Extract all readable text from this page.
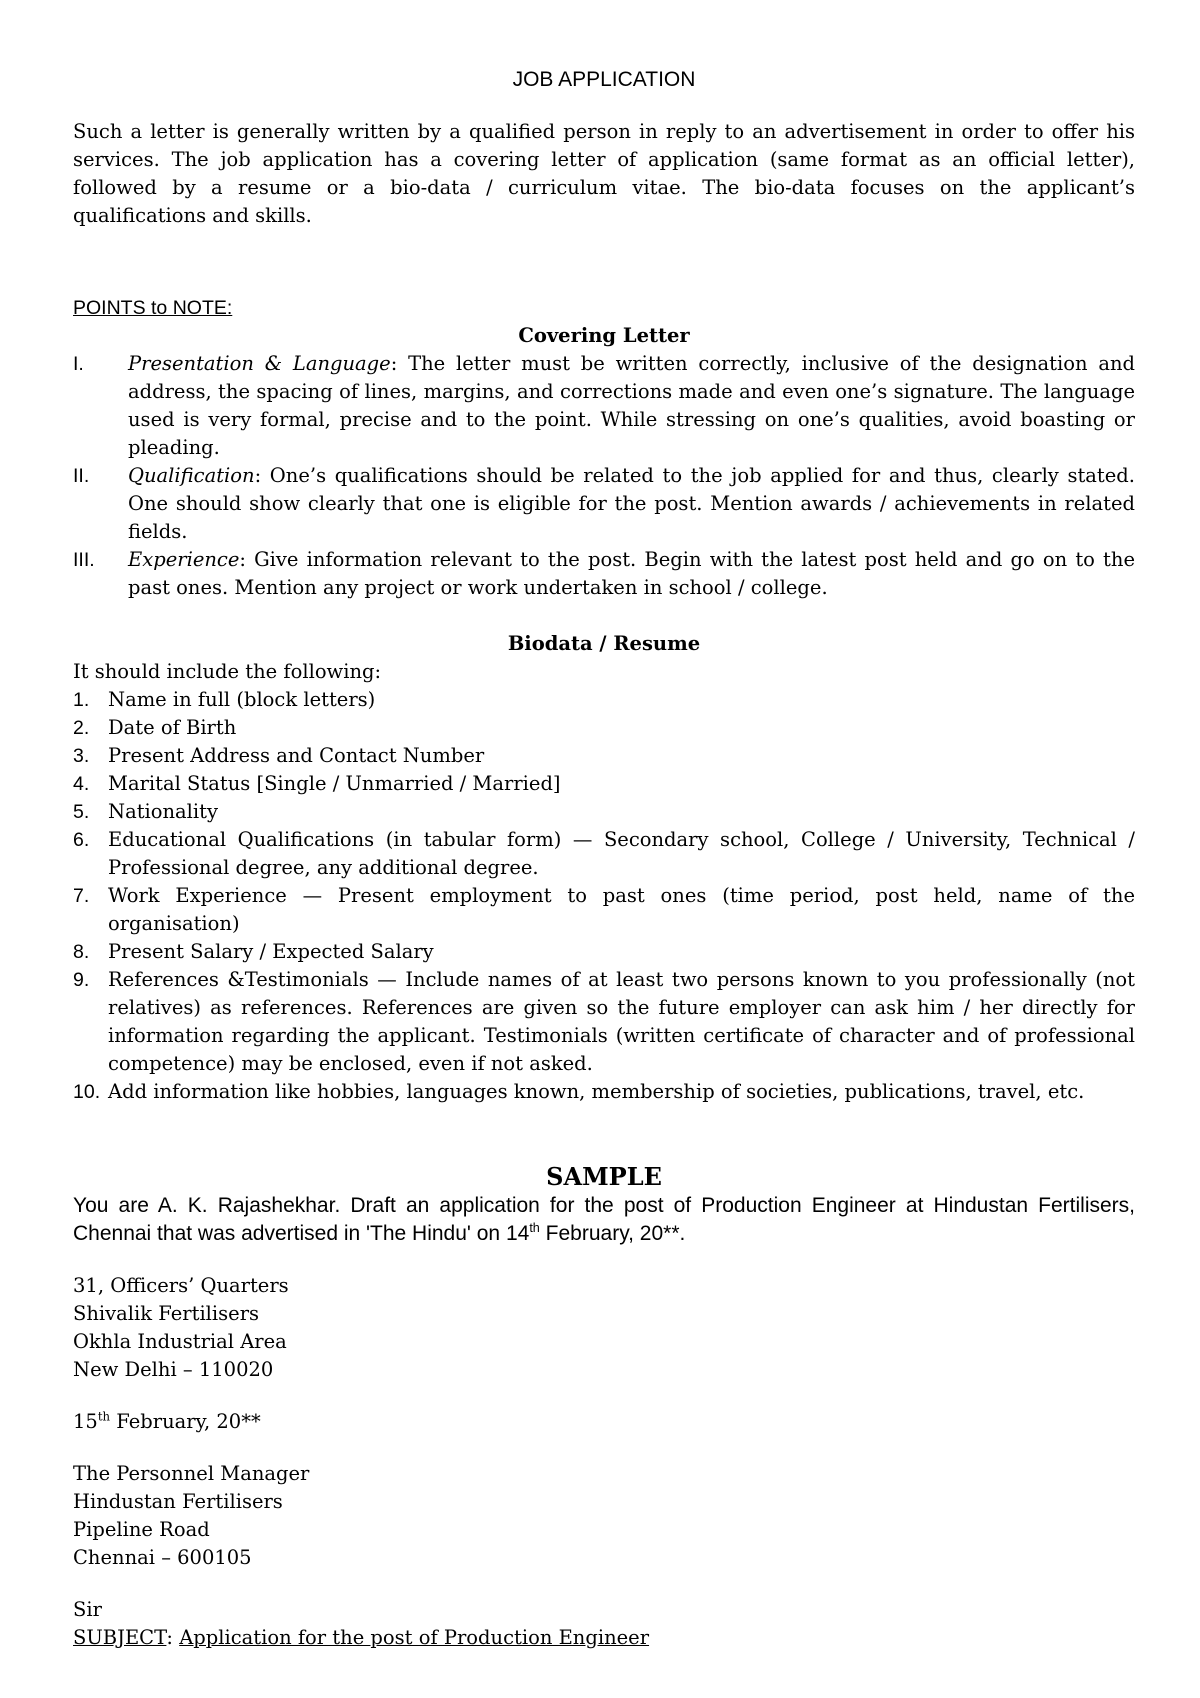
JOB APPLICATION

Such a letter is generally written by a qualified person in reply to an advertisement in order to offer his services. The job application has a covering letter of application (same format as an official letter), followed by a resume or a bio-data / curriculum vitae. The bio-data focuses on the applicant’s qualifications and skills.

POINTS to NOTE:

Covering Letter

I. Presentation & Language: The letter must be written correctly, inclusive of the designation and address, the spacing of lines, margins, and corrections made and even one’s signature. The language used is very formal, precise and to the point. While stressing on one’s qualities, avoid boasting or pleading.
II. Qualification: One’s qualifications should be related to the job applied for and thus, clearly stated. One should show clearly that one is eligible for the post. Mention awards / achievements in related fields.
III. Experience: Give information relevant to the post. Begin with the latest post held and go on to the past ones. Mention any project or work undertaken in school / college.

Biodata / Resume

It should include the following:
1. Name in full (block letters)
2. Date of Birth
3. Present Address and Contact Number
4. Marital Status [Single / Unmarried / Married]
5. Nationality
6. Educational Qualifications (in tabular form) — Secondary school, College / University, Technical / Professional degree, any additional degree.
7. Work Experience — Present employment to past ones (time period, post held, name of the organisation)
8. Present Salary / Expected Salary
9. References &Testimonials — Include names of at least two persons known to you professionally (not relatives) as references. References are given so the future employer can ask him / her directly for information regarding the applicant. Testimonials (written certificate of character and of professional competence) may be enclosed, even if not asked.
10. Add information like hobbies, languages known, membership of societies, publications, travel, etc.

SAMPLE

You are A. K. Rajashekhar. Draft an application for the post of Production Engineer at Hindustan Fertilisers, Chennai that was advertised in 'The Hindu' on 14th February, 20**.

31, Officers’ Quarters
Shivalik Fertilisers
Okhla Industrial Area
New Delhi – 110020
15th February, 20**
The Personnel Manager
Hindustan Fertilisers
Pipeline Road
Chennai – 600105
Sir
SUBJECT: Application for the post of Production Engineer
